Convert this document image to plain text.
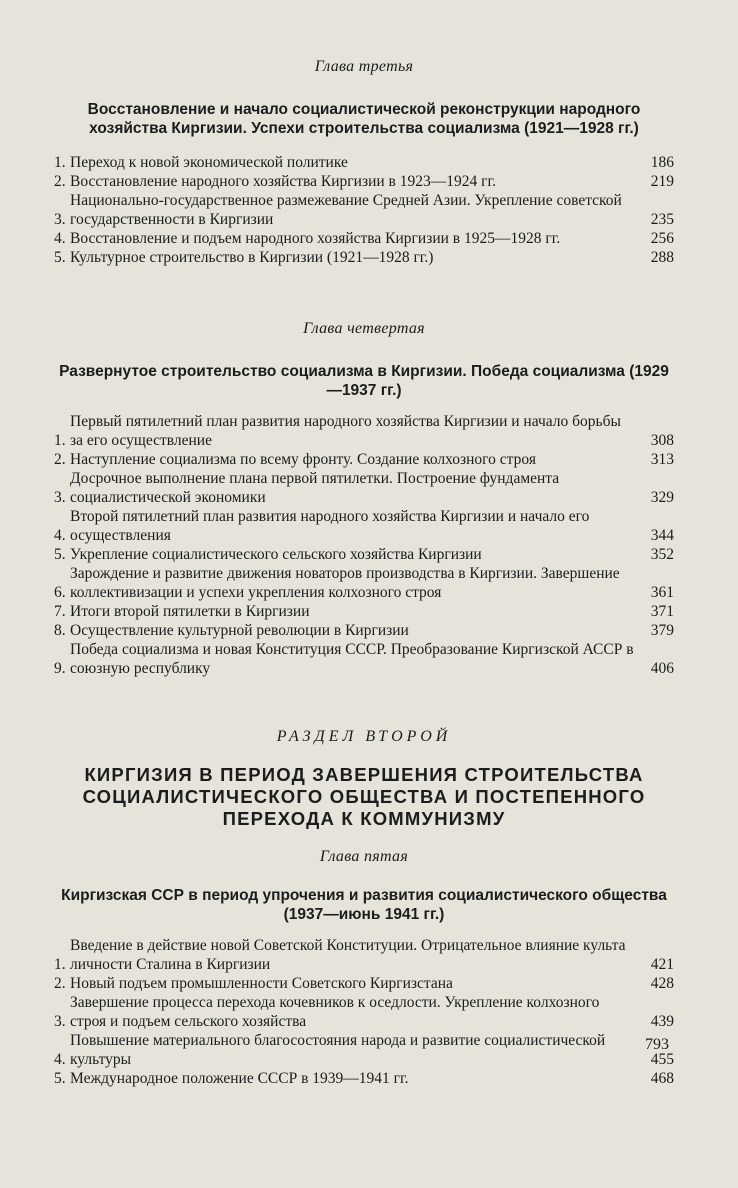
Глава третья
Восстановление и начало социалистической реконструкции народного хозяйства Киргизии. Успехи строительства социализма (1921—1928 гг.)
1. Переход к новой экономической политике	186
2. Восстановление народного хозяйства Киргизии в 1923—1924 гг.	219
3.
Национально-государственное размежевание Средней Азии. Укрепление советской государственности в Киргизии	235
4. Восстановление и подъем народного хозяйства Киргизии в 1925—1928 гг.	256
5. Культурное строительство в Киргизии (1921—1928 гг.)	288
Глава четвертая
Развернутое строительство социализма в Киргизии. Победа социализма (1929—1937 гг.)
1.
Первый пятилетний план развития народного хозяйства Киргизии и начало борьбы за его осуществление	308
2. Наступление социализма по всему фронту. Создание колхозного строя	313
3.
Досрочное выполнение плана первой пятилетки. Построение фундамента социалистической экономики	329
4.
Второй пятилетний план развития народного хозяйства Киргизии и начало его осуществления	344
5. Укрепление социалистического сельского хозяйства Киргизии	352
6.
Зарождение и развитие движения новаторов производства в Киргизии. Завершение коллективизации и успехи укрепления колхозного строя	361
7. Итоги второй пятилетки в Киргизии	371
8. Осуществление культурной революции в Киргизии	379
9.
Победа социализма и новая Конституция СССР. Преобразование Киргизской АССР в союзную республику	406
РАЗДЕЛ ВТОРОЙ
КИРГИЗИЯ В ПЕРИОД ЗАВЕРШЕНИЯ СТРОИТЕЛЬСТВА СОЦИАЛИСТИЧЕСКОГО ОБЩЕСТВА И ПОСТЕПЕННОГО ПЕРЕХОДА К КОММУНИЗМУ
Глава пятая
Киргизская ССР в период упрочения и развития социалистического общества (1937—июнь 1941 гг.)
1.
Введение в действие новой Советской Конституции. Отрицательное влияние культа личности Сталина в Киргизии	421
2. Новый подъем промышленности Советского Киргизстана	428
3.
Завершение процесса перехода кочевников к оседлости. Укрепление колхозного строя и подъем сельского хозяйства	439
4.
Повышение материального благосостояния народа и развитие социалистической культуры	455
5. Международное положение СССР в 1939—1941 гг.	468
793
